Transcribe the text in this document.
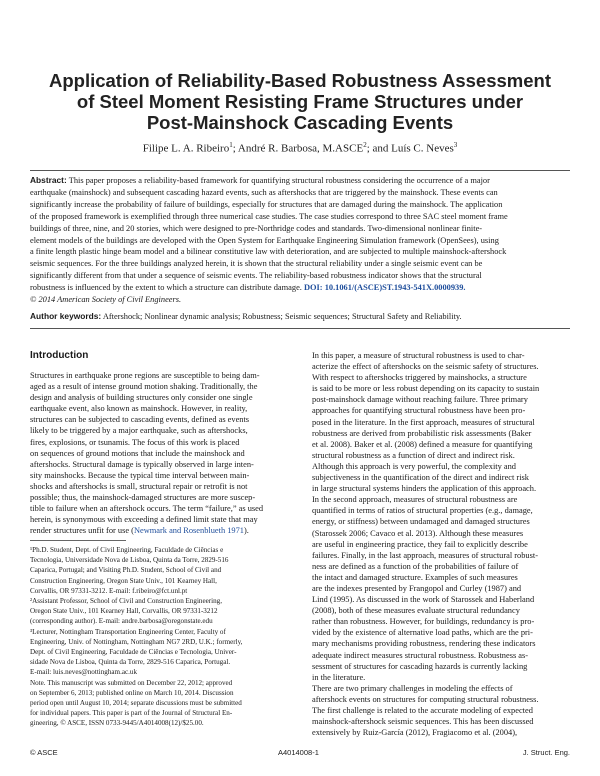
Application of Reliability-Based Robustness Assessment
of Steel Moment Resisting Frame Structures under
Post-Mainshock Cascading Events
Filipe L. A. Ribeiro$^1$; André R. Barbosa, M.ASCE$^2$; and Luís C. Neves$^3$
Abstract: This paper proposes a reliability-based framework for quantifying structural robustness considering the occurrence of a major
earthquake (mainshock) and subsequent cascading hazard events, such as aftershocks that are triggered by the mainshock. These events can
significantly increase the probability of failure of buildings, especially for structures that are damaged during the mainshock. The application
of the proposed framework is exemplified through three numerical case studies. The case studies correspond to three SAC steel moment frame
buildings of three, nine, and 20 stories, which were designed to pre-Northridge codes and standards. Two-dimensional nonlinear finite-
element models of the buildings are developed with the Open System for Earthquake Engineering Simulation framework (OpenSees), using
a finite length plastic hinge beam model and a bilinear constitutive law with deterioration, and are subjected to multiple mainshock-aftershock
seismic sequences. For the three buildings analyzed herein, it is shown that the structural reliability under a single seismic event can be
significantly different from that under a sequence of seismic events. The reliability-based robustness indicator shows that the structural
robustness is influenced by the extent to which a structure can distribute damage. DOI: 10.1061/(ASCE)ST.1943-541X.0000939.
© 2014 American Society of Civil Engineers.
Author keywords: Aftershock; Nonlinear dynamic analysis; Robustness; Seismic sequences; Structural Safety and Reliability.
Introduction
Structures in earthquake prone regions are susceptible to being dam-
aged as a result of intense ground motion shaking. Traditionally, the
design and analysis of building structures only consider one single
earthquake event, also known as mainshock. However, in reality,
structures can be subjected to cascading events, defined as events
likely to be triggered by a major earthquake, such as aftershocks,
fires, explosions, or tsunamis. The focus of this work is placed
on sequences of ground motions that include the mainshock and
aftershocks. Structural damage is typically observed in large inten-
sity mainshocks. Because the typical time interval between main-
shocks and aftershocks is small, structural repair or retrofit is not
possible; thus, the mainshock-damaged structures are more suscep-
tible to failure when an aftershock occurs. The term “failure,” as used
herein, is synonymous with exceeding a defined limit state that may
render structures unfit for use (Newmark and Rosenblueth 1971).
¹Ph.D. Student, Dept. of Civil Engineering, Faculdade de Ciências e
Tecnologia, Universidade Nova de Lisboa, Quinta da Torre, 2829-516
Caparica, Portugal; and Visiting Ph.D. Student, School of Civil and
Construction Engineering, Oregon State Univ., 101 Kearney Hall,
Corvallis, OR 97331-3212. E-mail: f.ribeiro@fct.unl.pt
²Assistant Professor, School of Civil and Construction Engineering,
Oregon State Univ., 101 Kearney Hall, Corvallis, OR 97331-3212
(corresponding author). E-mail: andre.barbosa@oregonstate.edu
³Lecturer, Nottingham Transportation Engineering Center, Faculty of
Engineering, Univ. of Nottingham, Nottingham NG7 2RD, U.K.; formerly,
Dept. of Civil Engineering, Faculdade de Ciências e Tecnologia, Univer-
sidade Nova de Lisboa, Quinta da Torre, 2829-516 Caparica, Portugal.
E-mail: luis.neves@nottingham.ac.uk
Note. This manuscript was submitted on December 22, 2012; approved
on September 6, 2013; published online on March 10, 2014. Discussion
period open until August 10, 2014; separate discussions must be submitted
for individual papers. This paper is part of the Journal of Structural En-
gineering, © ASCE, ISSN 0733-9445/A4014008(12)/$25.00.
In this paper, a measure of structural robustness is used to char-
acterize the effect of aftershocks on the seismic safety of structures.
With respect to aftershocks triggered by mainshocks, a structure
is said to be more or less robust depending on its capacity to sustain
post-mainshock damage without reaching failure. Three primary
approaches for quantifying structural robustness have been pro-
posed in the literature. In the first approach, measures of structural
robustness are derived from probabilistic risk assessments (Baker
et al. 2008). Baker et al. (2008) defined a measure for quantifying
structural robustness as a function of direct and indirect risk.
Although this approach is very powerful, the complexity and
subjectiveness in the quantification of the direct and indirect risk
in large structural systems hinders the application of this approach.
In the second approach, measures of structural robustness are
quantified in terms of ratios of structural properties (e.g., damage,
energy, or stiffness) between undamaged and damaged structures
(Starossek 2006; Cavaco et al. 2013). Although these measures
are useful in engineering practice, they fail to explicitly describe
failures. Finally, in the last approach, measures of structural robust-
ness are defined as a function of the probabilities of failure of
the intact and damaged structure. Examples of such measures
are the indexes presented by Frangopol and Curley (1987) and
Lind (1995). As discussed in the work of Starossek and Haberland
(2008), both of these measures evaluate structural redundancy
rather than robustness. However, for buildings, redundancy is pro-
vided by the existence of alternative load paths, which are the pri-
mary mechanisms providing robustness, rendering these indicators
adequate indirect measures structural robustness. Robustness as-
sessment of structures for cascading hazards is currently lacking
in the literature.
There are two primary challenges in modeling the effects of
aftershock events on structures for computing structural robustness.
The first challenge is related to the accurate modeling of expected
mainshock-aftershock seismic sequences. This has been discussed
extensively by Ruiz-García (2012), Fragiacomo et al. (2004),
© ASCE	A4014008-1	J. Struct. Eng.
